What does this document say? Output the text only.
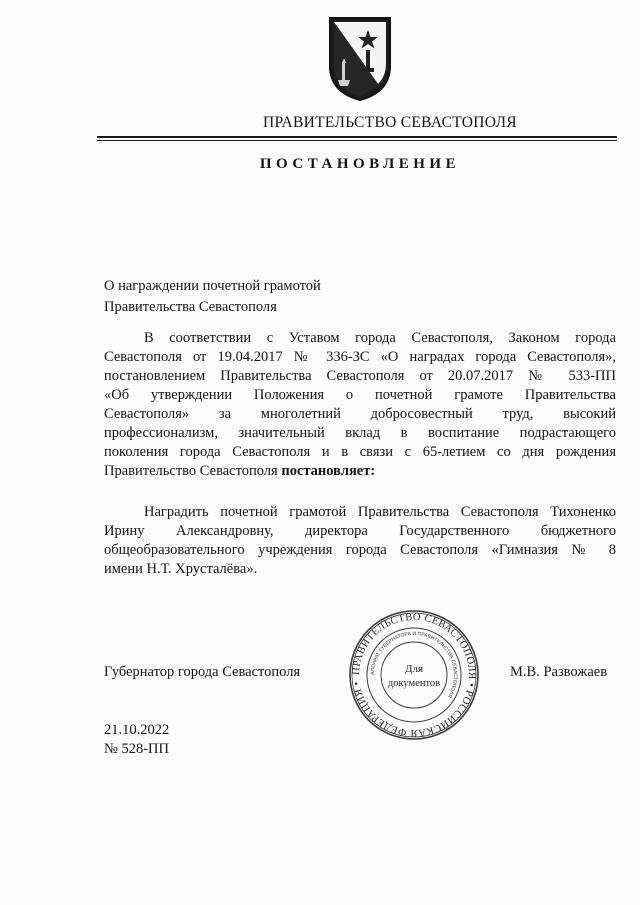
ПРАВИТЕЛЬСТВО СЕВАСТОПОЛЯ
ПОСТАНОВЛЕНИЕ
О награждении почетной грамотой
Правительства Севастополя
В соответствии с Уставом города Севастополя, Законом города
Севастополя от 19.04.2017 № 336-ЗС «О наградах города Севастополя»,
постановлением Правительства Севастополя от 20.07.2017 № 533-ПП
«Об утверждении Положения о почетной грамоте Правительства
Севастополя» за многолетний добросовестный труд, высокий
профессионализм, значительный вклад в воспитание подрастающего
поколения города Севастополя и в связи с 65-летием со дня рождения
Правительство Севастополя постановляет:
Наградить почетной грамотой Правительства Севастополя Тихоненко
Ирину Александровну, директора Государственного бюджетного
общеобразовательного учреждения города Севастополя «Гимназия № 8
имени Н.Т. Хрусталёва».
ПРАВИТЕЛЬСТВО СЕВАСТОПОЛЯ • РОССИЙСКАЯ ФЕДЕРАЦИЯ •
АППАРАТ ГУБЕРНАТОРА И ПРАВИТЕЛЬСТВА СЕВАСТОПОЛЯ
Для
документов
Губернатор города Севастополя	М.В. Развожаев
21.10.2022
№ 528-ПП
